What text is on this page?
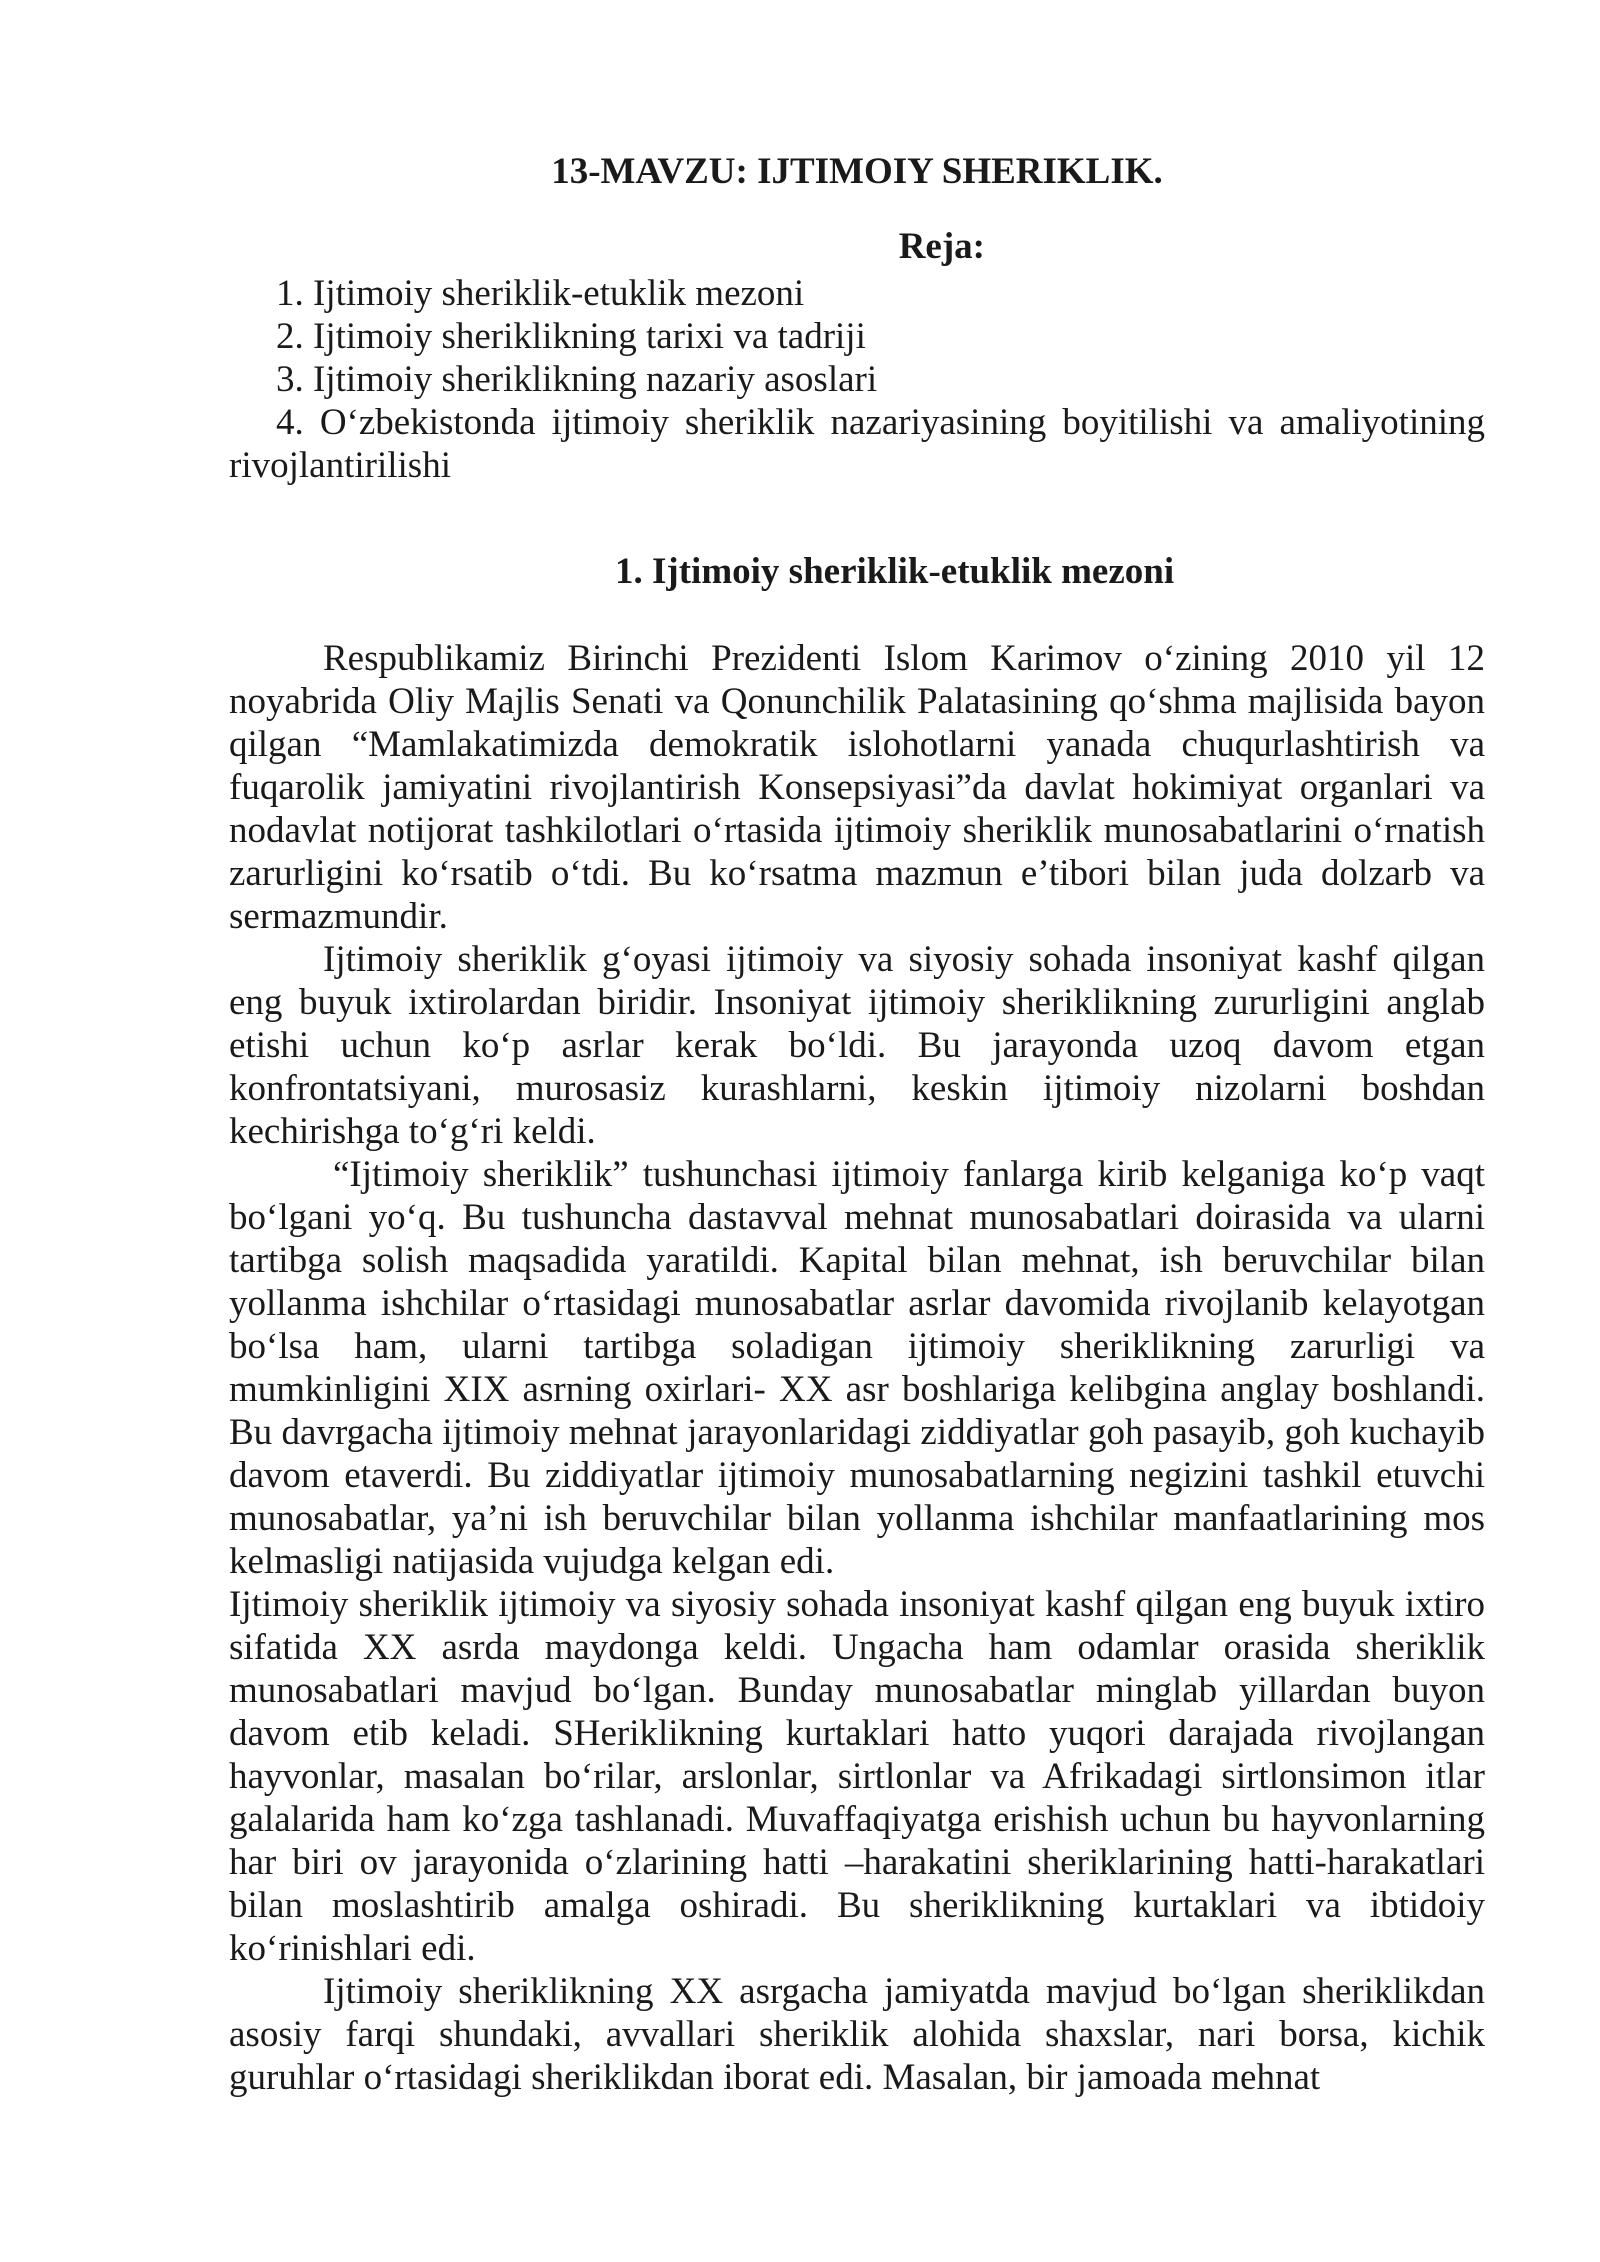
13-MAVZU: IJTIMOIY SHERIKLIK.
Reja:
1. Ijtimoiy sheriklik-etuklik mezoni
2. Ijtimoiy sheriklikning tarixi va tadriji
3. Ijtimoiy sheriklikning nazariy asoslari
4. O‘zbekistonda ijtimoiy sheriklik nazariyasining boyitilishi va amaliyotining rivojlantirilishi
1. Ijtimoiy sheriklik-etuklik mezoni

Respublikamiz Birinchi Prezidenti Islom Karimov o‘zining 2010 yil 12 noyabrida Oliy Majlis Senati va Qonunchilik Palatasining qo‘shma majlisida bayon qilgan “Mamlakatimizda demokratik islohotlarni yanada chuqurlashtirish va fuqarolik jamiyatini rivojlantirish Konsepsiyasi”da davlat hokimiyat organlari va nodavlat notijorat tashkilotlari o‘rtasida ijtimoiy sheriklik munosabatlarini o‘rnatish zarurligini ko‘rsatib o‘tdi. Bu ko‘rsatma mazmun e’tibori bilan juda dolzarb va sermazmundir.

Ijtimoiy sheriklik g‘oyasi ijtimoiy va siyosiy sohada insoniyat kashf qilgan eng buyuk ixtirolardan biridir. Insoniyat ijtimoiy sheriklikning zururligini anglab etishi uchun ko‘p asrlar kerak bo‘ldi. Bu jarayonda uzoq davom etgan konfrontatsiyani, murosasiz kurashlarni, keskin ijtimoiy nizolarni boshdan kechirishga to‘g‘ri keldi.

“Ijtimoiy sheriklik” tushunchasi ijtimoiy fanlarga kirib kelganiga ko‘p vaqt bo‘lgani yo‘q. Bu tushuncha dastavval mehnat munosabatlari doirasida va ularni tartibga solish maqsadida yaratildi. Kapital bilan mehnat, ish beruvchilar bilan yollanma ishchilar o‘rtasidagi munosabatlar asrlar davomida rivojlanib kelayotgan bo‘lsa ham, ularni tartibga soladigan ijtimoiy sheriklikning zarurligi va mumkinligini XIX asrning oxirlari- XX asr boshlariga kelibgina anglay boshlandi. Bu davrgacha ijtimoiy mehnat jarayonlaridagi ziddiyatlar goh pasayib, goh kuchayib davom etaverdi. Bu ziddiyatlar ijtimoiy munosabatlarning negizini tashkil etuvchi munosabatlar, ya’ni ish beruvchilar bilan yollanma ishchilar manfaatlarining mos kelmasligi natijasida vujudga kelgan edi.

Ijtimoiy sheriklik ijtimoiy va siyosiy sohada insoniyat kashf qilgan eng buyuk ixtiro sifatida XX asrda maydonga keldi. Ungacha ham odamlar orasida sheriklik munosabatlari mavjud bo‘lgan. Bunday munosabatlar minglab yillardan buyon davom etib keladi. SHeriklikning kurtaklari hatto yuqori darajada rivojlangan hayvonlar, masalan bo‘rilar, arslonlar, sirtlonlar va Afrikadagi sirtlonsimon itlar galalarida ham ko‘zga tashlanadi. Muvaffaqiyatga erishish uchun bu hayvonlarning har biri ov jarayonida o‘zlarining hatti –harakatini sheriklarining hatti-harakatlari bilan moslashtirib amalga oshiradi. Bu sheriklikning kurtaklari va ibtidoiy ko‘rinishlari edi.

Ijtimoiy sheriklikning XX asrgacha jamiyatda mavjud bo‘lgan sheriklikdan asosiy farqi shundaki, avvallari sheriklik alohida shaxslar, nari borsa, kichik guruhlar o‘rtasidagi sheriklikdan iborat edi. Masalan, bir jamoada mehnat
